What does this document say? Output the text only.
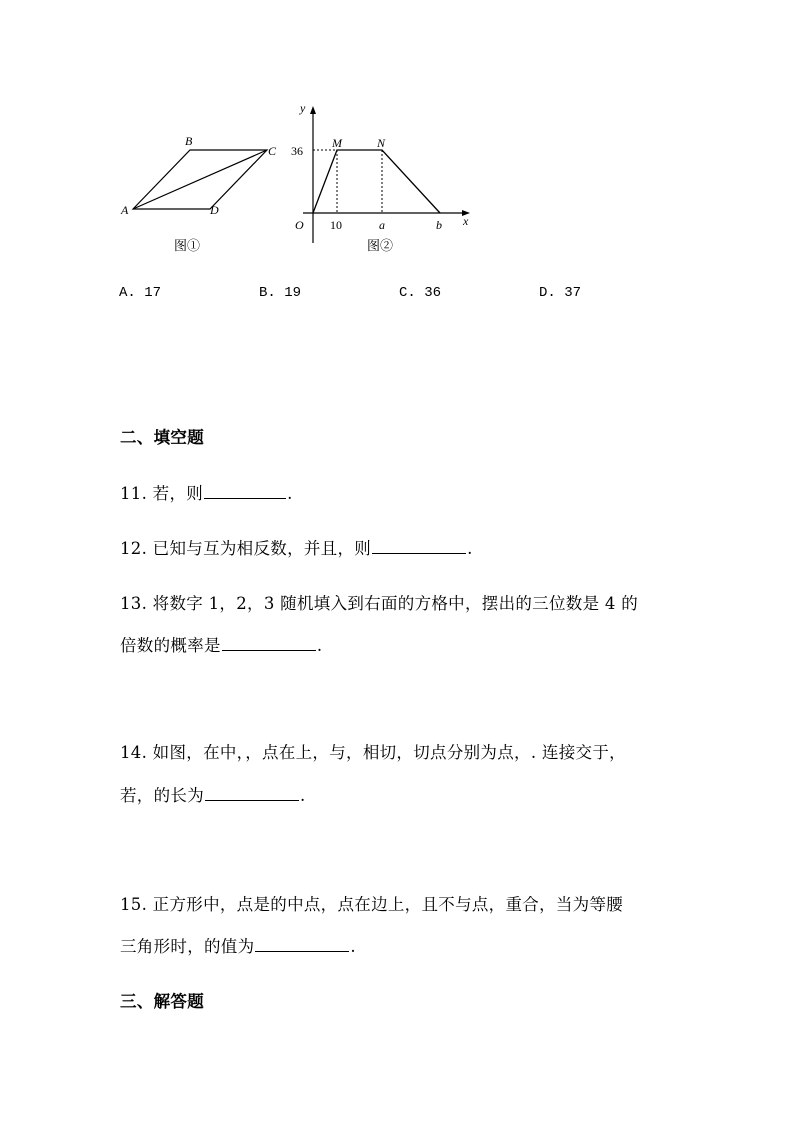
A
B
C
D
图①
y
x
O
M	N
36
10	a	b
图②
A. 17	B. 19	C. 36	D. 37
二、填空题
11. 若，则	.
12. 已知与互为相反数，并且，则	.
13. 将数字 1，2，3 随机填入到右面的方格中，摆出的三位数是 4 的
倍数的概率是	.
14. 如图，在中，，点在上，与，相切，切点分别为点，. 连接交于，
若，的长为	.
15. 正方形中，点是的中点，点在边上，且不与点，重合，当为等腰
三角形时，的值为	.
三、解答题
